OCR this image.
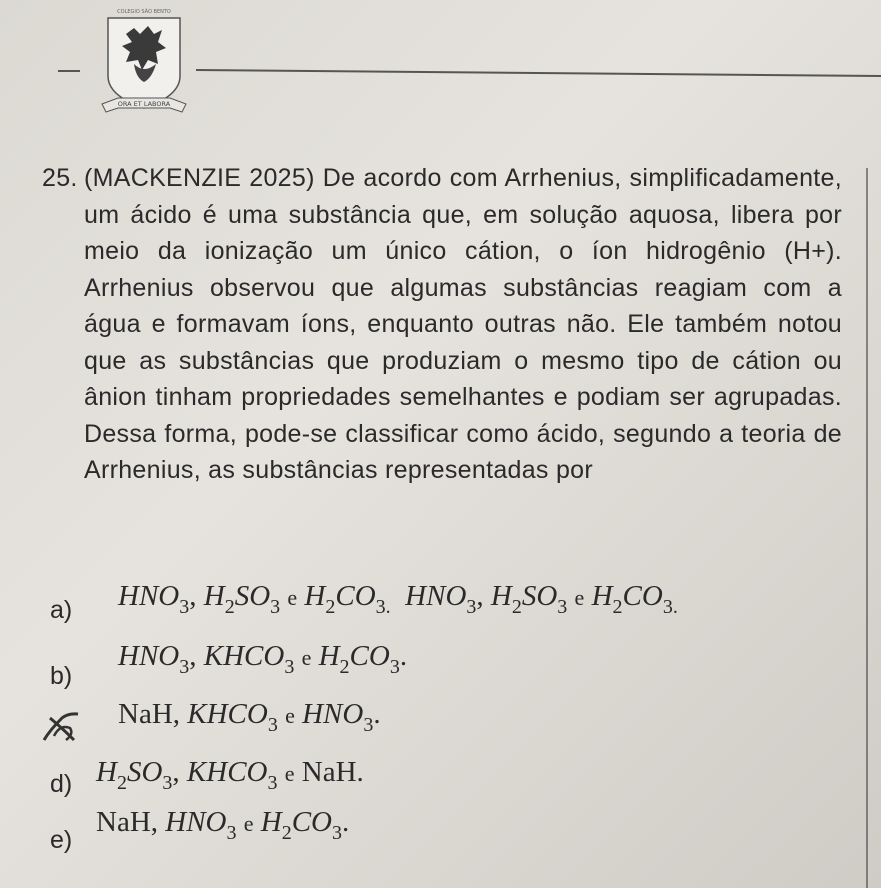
COLEGIO SÃO BENTO
ORA ET LABORA
25. (MACKENZIE 2025) De acordo com Arrhenius, simplificadamente, um ácido é uma substância que, em solução aquosa, libera por meio da ionização um único cátion, o íon hidrogênio (H+). Arrhenius observou que algumas substâncias reagiam com a água e formavam íons, enquanto outras não. Ele também notou que as substâncias que produziam o mesmo tipo de cátion ou ânion tinham propriedades semelhantes e podiam ser agrupadas. Dessa forma, pode-se classificar como ácido, segundo a teoria de Arrhenius, as substâncias representadas por
a)	$HNO_3$, $H_2SO_3$ e $H_2CO_{3.}$ $HNO_3$, $H_2SO_3$ e $H_2CO_{3.}$
b)
$HNO_3$, $KHCO_3$ e $H_2CO_3$.
NaH, $KHCO_3$ e $HNO_3$.
d) $H_2SO_3$, $KHCO_3$ e NaH.
e)
NaH, $HNO_3$ e $H_2CO_3$.
